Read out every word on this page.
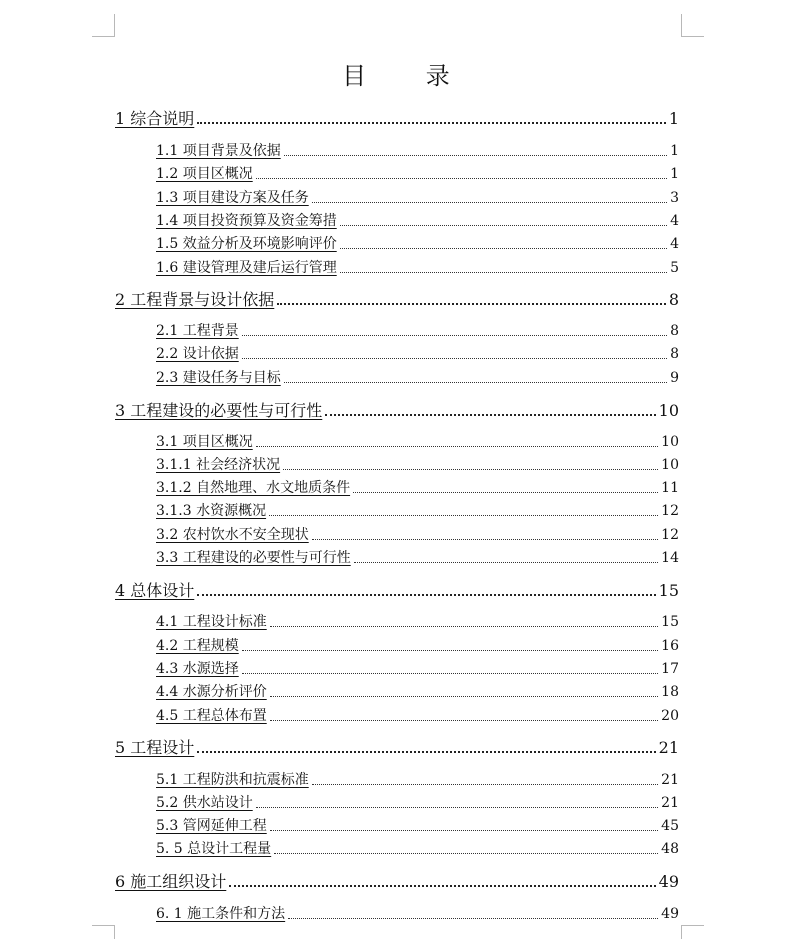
目 录
1 综合说明	1
1.1 项目背景及依据	1
1.2 项目区概况	1
1.3 项目建设方案及任务	3
1.4 项目投资预算及资金筹措	4
1.5 效益分析及环境影响评价	4
1.6 建设管理及建后运行管理	5
2 工程背景与设计依据	8
2.1 工程背景	8
2.2 设计依据	8
2.3 建设任务与目标	9
3 工程建设的必要性与可行性	10
3.1 项目区概况	10
3.1.1 社会经济状况	10
3.1.2 自然地理、水文地质条件	11
3.1.3 水资源概况	12
3.2 农村饮水不安全现状	12
3.3 工程建设的必要性与可行性	14
4 总体设计	15
4.1 工程设计标准	15
4.2 工程规模	16
4.3 水源选择	17
4.4 水源分析评价	18
4.5 工程总体布置	20
5 工程设计	21
5.1 工程防洪和抗震标准	21
5.2 供水站设计	21
5.3 管网延伸工程	45
5. 5 总设计工程量	48
6 施工组织设计	49
6. 1 施工条件和方法	49
